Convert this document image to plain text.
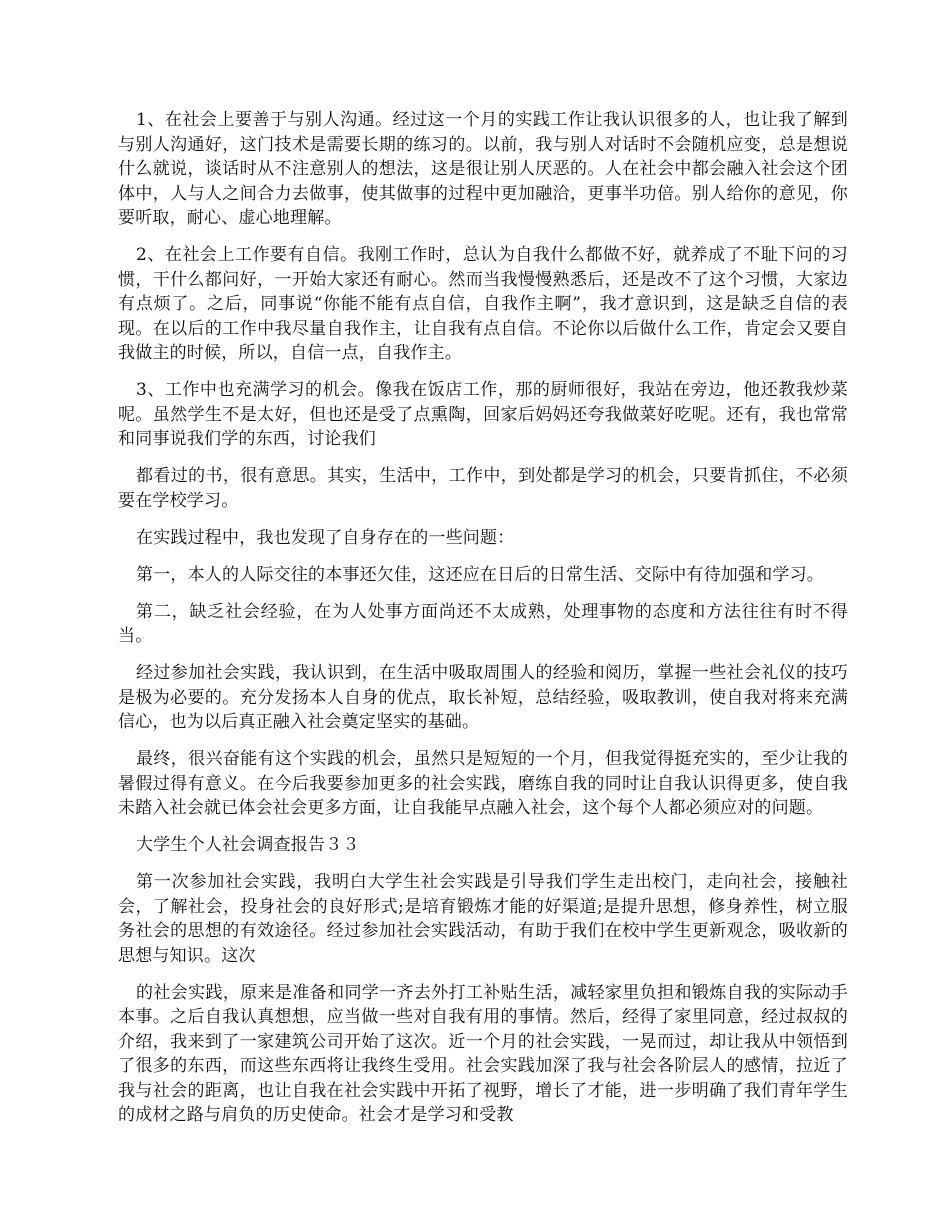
1、在社会上要善于与别人沟通。经过这一个月的实践工作让我认识很多的人，也让我了解到与别人沟通好，这门技术是需要长期的练习的。以前，我与别人对话时不会随机应变，总是想说什么就说，谈话时从不注意别人的想法，这是很让别人厌恶的。人在社会中都会融入社会这个团体中，人与人之间合力去做事，使其做事的过程中更加融洽，更事半功倍。别人给你的意见，你要听取，耐心、虚心地理解。

2、在社会上工作要有自信。我刚工作时，总认为自我什么都做不好，就养成了不耻下问的习惯，干什么都问好，一开始大家还有耐心。然而当我慢慢熟悉后，还是改不了这个习惯，大家边有点烦了。之后，同事说“你能不能有点自信，自我作主啊”，我才意识到，这是缺乏自信的表现。在以后的工作中我尽量自我作主，让自我有点自信。不论你以后做什么工作，肯定会又要自我做主的时候，所以，自信一点，自我作主。

3、工作中也充满学习的机会。像我在饭店工作，那的厨师很好，我站在旁边，他还教我炒菜呢。虽然学生不是太好，但也还是受了点熏陶，回家后妈妈还夸我做菜好吃呢。还有，我也常常和同事说我们学的东西，讨论我们

都看过的书，很有意思。其实，生活中，工作中，到处都是学习的机会，只要肯抓住，不必须要在学校学习。

在实践过程中，我也发现了自身存在的一些问题：

第一，本人的人际交往的本事还欠佳，这还应在日后的日常生活、交际中有待加强和学习。

第二，缺乏社会经验，在为人处事方面尚还不太成熟，处理事物的态度和方法往往有时不得当。

经过参加社会实践，我认识到，在生活中吸取周围人的经验和阅历，掌握一些社会礼仪的技巧是极为必要的。充分发扬本人自身的优点，取长补短，总结经验，吸取教训，使自我对将来充满信心，也为以后真正融入社会奠定坚实的基础。

最终，很兴奋能有这个实践的机会，虽然只是短短的一个月，但我觉得挺充实的，至少让我的暑假过得有意义。在今后我要参加更多的社会实践，磨练自我的同时让自我认识得更多，使自我未踏入社会就已体会社会更多方面，让自我能早点融入社会，这个每个人都必须应对的问题。

大学生个人社会调查报告３３

第一次参加社会实践，我明白大学生社会实践是引导我们学生走出校门，走向社会，接触社会，了解社会，投身社会的良好形式;是培育锻炼才能的好渠道;是提升思想，修身养性，树立服务社会的思想的有效途径。经过参加社会实践活动，有助于我们在校中学生更新观念，吸收新的思想与知识。这次

的社会实践，原来是准备和同学一齐去外打工补贴生活，减轻家里负担和锻炼自我的实际动手本事。之后自我认真想想，应当做一些对自我有用的事情。然后，经得了家里同意，经过叔叔的介绍，我来到了一家建筑公司开始了这次。近一个月的社会实践，一晃而过，却让我从中领悟到了很多的东西，而这些东西将让我终生受用。社会实践加深了我与社会各阶层人的感情，拉近了我与社会的距离，也让自我在社会实践中开拓了视野，增长了才能，进一步明确了我们青年学生的成材之路与肩负的历史使命。社会才是学习和受教
